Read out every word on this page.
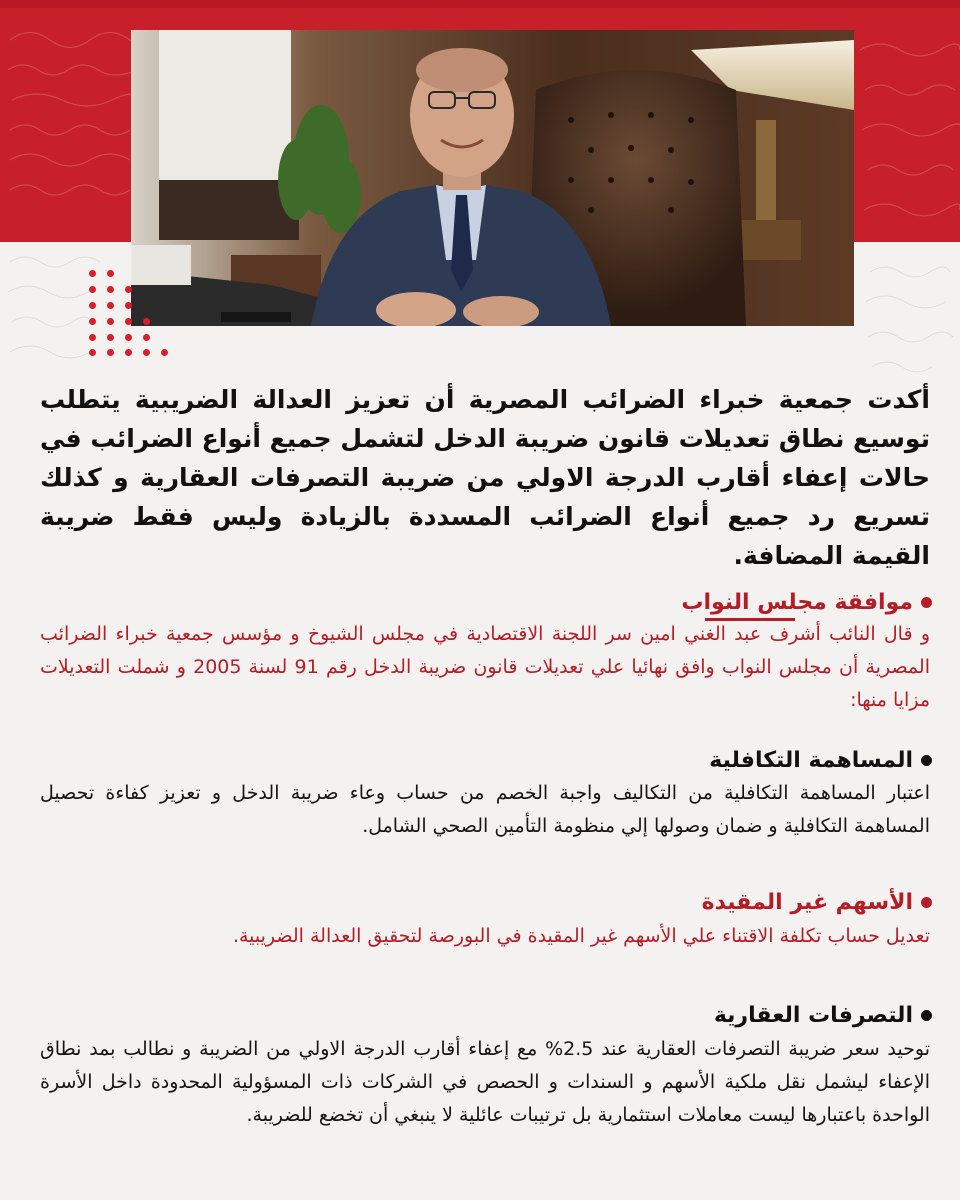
أكدت جمعية خبراء الضرائب المصرية أن تعزيز العدالة الضريبية يتطلب توسيع نطاق تعديلات قانون ضريبة الدخل لتشمل جميع أنواع الضرائب في حالات إعفاء أقارب الدرجة الاولي من ضريبة التصرفات العقارية و كذلك تسريع رد جميع أنواع الضرائب المسددة بالزيادة وليس فقط ضريبة القيمة المضافة.
موافقة مجلس النواب
و قال النائب أشرف عبد الغني امين سر اللجنة الاقتصادية في مجلس الشيوخ و مؤسس جمعية خبراء الضرائب المصرية أن مجلس النواب وافق نهائيا علي تعديلات قانون ضريبة الدخل رقم 91 لسنة 2005 و شملت التعديلات مزايا منها:
المساهمة التكافلية
اعتبار المساهمة التكافلية من التكاليف واجبة الخصم من حساب وعاء ضريبة الدخل و تعزيز كفاءة تحصيل المساهمة التكافلية و ضمان وصولها إلي منظومة التأمين الصحي الشامل.
الأسهم غير المقيدة
تعديل حساب تكلفة الاقتناء علي الأسهم غير المقيدة في البورصة لتحقيق العدالة الضريبية.
التصرفات العقارية
توحيد سعر ضريبة التصرفات العقارية عند 2.5% مع إعفاء أقارب الدرجة الاولي من الضريبة و نطالب بمد نطاق الإعفاء ليشمل نقل ملكية الأسهم و السندات و الحصص في الشركات ذات المسؤولية المحدودة داخل الأسرة الواحدة باعتبارها ليست معاملات استثمارية بل ترتيبات عائلية لا ينبغي أن تخضع للضريبة.
